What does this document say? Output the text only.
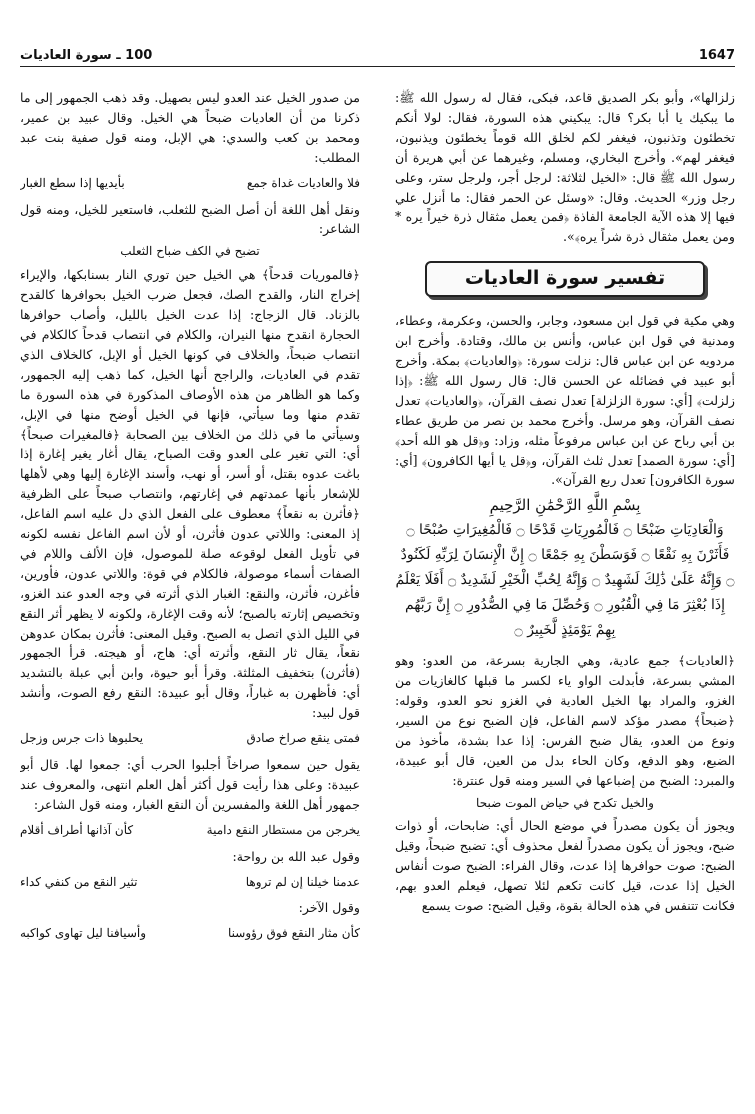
1647
100 ـ سورة العاديات

زلزالها»، وأبو بكر الصديق قاعد، فبكى، فقال له رسول الله ﷺ: ما يبكيك يا أبا بكر؟ قال: يبكيني هذه السورة، فقال: لولا أنكم تخطئون وتذنبون، فيغفر لكم لخلق الله قوماً يخطئون ويذنبون، فيغفر لهم». وأخرج البخاري، ومسلم، وغيرهما عن أبي هريرة أن رسول الله ﷺ قال: «الخيل لثلاثة: لرجل أجر، ولرجل ستر، وعلى رجل وزر» الحديث. وقال: «وسئل عن الحمر فقال: ما أنزل علي فيها إلا هذه الآية الجامعة الفاذة ﴿فمن يعمل مثقال ذرة خيراً يره * ومن يعمل مثقال ذرة شراً يره﴾».

تفسير سورة العاديات

وهي مكية في قول ابن مسعود، وجابر، والحسن، وعكرمة، وعطاء، ومدنية في قول ابن عباس، وأنس بن مالك، وقتادة. وأخرج ابن مردويه عن ابن عباس قال: نزلت سورة: ﴿والعاديات﴾ بمكة. وأخرج أبو عبيد في فضائله عن الحسن قال: قال رسول الله ﷺ: ﴿إذا زلزلت﴾ [أي: سورة الزلزلة] تعدل نصف القرآن، ﴿والعاديات﴾ تعدل نصف القرآن، وهو مرسل. وأخرج محمد بن نصر من طريق عطاء بن أبي رباح عن ابن عباس مرفوعاً مثله، وزاد: و﴿قل هو الله أحد﴾ [أي: سورة الصمد] تعدل ثلث القرآن، و﴿قل يا أيها الكافرون﴾ [أي: سورة الكافرون] تعدل ربع القرآن».

بِسْمِ اللَّهِ الرَّحْمَٰنِ الرَّحِيمِ
وَالْعَادِيَاتِ ضَبْحًا ۝ فَالْمُورِيَاتِ قَدْحًا ۝ فَالْمُغِيرَاتِ صُبْحًا ۝ فَأَثَرْنَ بِهِ نَقْعًا ۝ فَوَسَطْنَ بِهِ جَمْعًا ۝ إِنَّ الْإِنسَانَ لِرَبِّهِ لَكَنُودٌ ۝ وَإِنَّهُ عَلَىٰ ذَٰلِكَ لَشَهِيدٌ ۝ وَإِنَّهُ لِحُبِّ الْخَيْرِ لَشَدِيدٌ ۝ أَفَلَا يَعْلَمُ إِذَا بُعْثِرَ مَا فِي الْقُبُورِ ۝ وَحُصِّلَ مَا فِي الصُّدُورِ ۝ إِنَّ رَبَّهُم بِهِمْ يَوْمَئِذٍ لَّخَبِيرٌ ۝

﴿العاديات﴾ جمع عادية، وهي الجارية بسرعة، من العدو: وهو المشي بسرعة، فأبدلت الواو ياء لكسر ما قبلها كالغازيات من الغزو، والمراد بها الخيل العادية في الغزو نحو العدو، وقوله: ﴿ضبحاً﴾ مصدر مؤكد لاسم الفاعل، فإن الضبح نوع من السير، ونوع من العدو، يقال ضبح الفرس: إذا عدا بشدة، مأخوذ من الضبع، وهو الدفع، وكان الحاء بدل من العين، قال أبو عبيدة، والمبرد: الضبح من إضباعها في السير ومنه قول عنترة:

والخيل تكدح في حياض الموت ضبحا

ويجوز أن يكون مصدراً في موضع الحال أي: ضابحات، أو ذوات ضبح، ويجوز أن يكون مصدراً لفعل محذوف أي: تضبح ضبحاً، وقيل الضبح: صوت حوافرها إذا عدت، وقال الفراء: الضبح صوت أنفاس الخيل إذا عدت، قيل كانت تكعم لئلا تصهل، فيعلم العدو بهم، فكانت تتنفس في هذه الحالة بقوة، وقيل الضبح: صوت يسمع

من صدور الخيل عند العدو ليس بصهيل. وقد ذهب الجمهور إلى ما ذكرنا من أن العاديات ضبحاً هي الخيل. وقال عبيد بن عمير، ومحمد بن كعب والسدي: هي الإبل، ومنه قول صفية بنت عبد المطلب:

فلا والعاديات غداة جمع
بأيديها إذا سطع الغبار

ونقل أهل اللغة أن أصل الضبح للثعلب، فاستعير للخيل، ومنه قول الشاعر:

تضبح في الكف ضباح الثعلب

﴿فالموريات قدحاً﴾ هي الخيل حين توري النار بسنابكها، والإيراء إخراج النار، والقدح الصك، فجعل ضرب الخيل بحوافرها كالقدح بالزناد. قال الزجاج: إذا عدت الخيل بالليل، وأصاب حوافرها الحجارة انقدح منها النيران، والكلام في انتصاب قدحاً كالكلام في انتصاب ضبحاً، والخلاف في كونها الخيل أو الإبل، كالخلاف الذي تقدم في العاديات، والراجح أنها الخيل، كما ذهب إليه الجمهور، وكما هو الظاهر من هذه الأوصاف المذكورة في هذه السورة ما تقدم منها وما سيأتي، فإنها في الخيل أوضح منها في الإبل، وسيأتي ما في ذلك من الخلاف بين الصحابة ﴿فالمغيرات صبحاً﴾ أي: التي تغير على العدو وقت الصباح، يقال أغار يغير إغارة إذا باغت عدوه بقتل، أو أسر، أو نهب، وأسند الإغارة إليها وهي لأهلها للإشعار بأنها عمدتهم في إغارتهم، وانتصاب صبحاً على الظرفية ﴿فأثرن به نقعاً﴾ معطوف على الفعل الذي دل عليه اسم الفاعل، إذ المعنى: واللاتي عدون فأثرن، أو لأن اسم الفاعل نفسه لكونه في تأويل الفعل لوقوعه صلة للموصول، فإن الألف واللام في الصفات أسماء موصولة، فالكلام في قوة: واللاتي عدون، فأورين، فأغرن، فأثرن، والنقع: الغبار الذي أثرته في وجه العدو عند الغزو، وتخصيص إثارته بالصبح؛ لأنه وقت الإغارة، ولكونه لا يظهر أثر النقع في الليل الذي اتصل به الصبح. وقيل المعنى: فأثرن بمكان عدوهن نقعاً، يقال ثار النقع، وأثرته أي: هاج، أو هيجته. قرأ الجمهور (فأثرن) بتخفيف المثلثة. وقرأ أبو حيوة، وابن أبي عبلة بالتشديد أي: فأظهرن به غباراً، وقال أبو عبيدة: النقع رفع الصوت، وأنشد قول لبيد:

فمتى ينقع صراخ صادق
يحلبوها ذات جرس وزجل

يقول حين سمعوا صراخاً أجلبوا الحرب أي: جمعوا لها. قال أبو عبيدة: وعلى هذا رأيت قول أكثر أهل العلم انتهى، والمعروف عند جمهور أهل اللغة والمفسرين أن النقع الغبار، ومنه قول الشاعر:

يخرجن من مستطار النقع دامية
كأن آذانها أطراف أقلام

وقول عبد الله بن رواحة:

عدمنا خيلنا إن لم تروها
تثير النقع من كنفي كداء

وقول الآخر:

كأن مثار النقع فوق رؤوسنا
وأسيافنا ليل تهاوى كواكبه
